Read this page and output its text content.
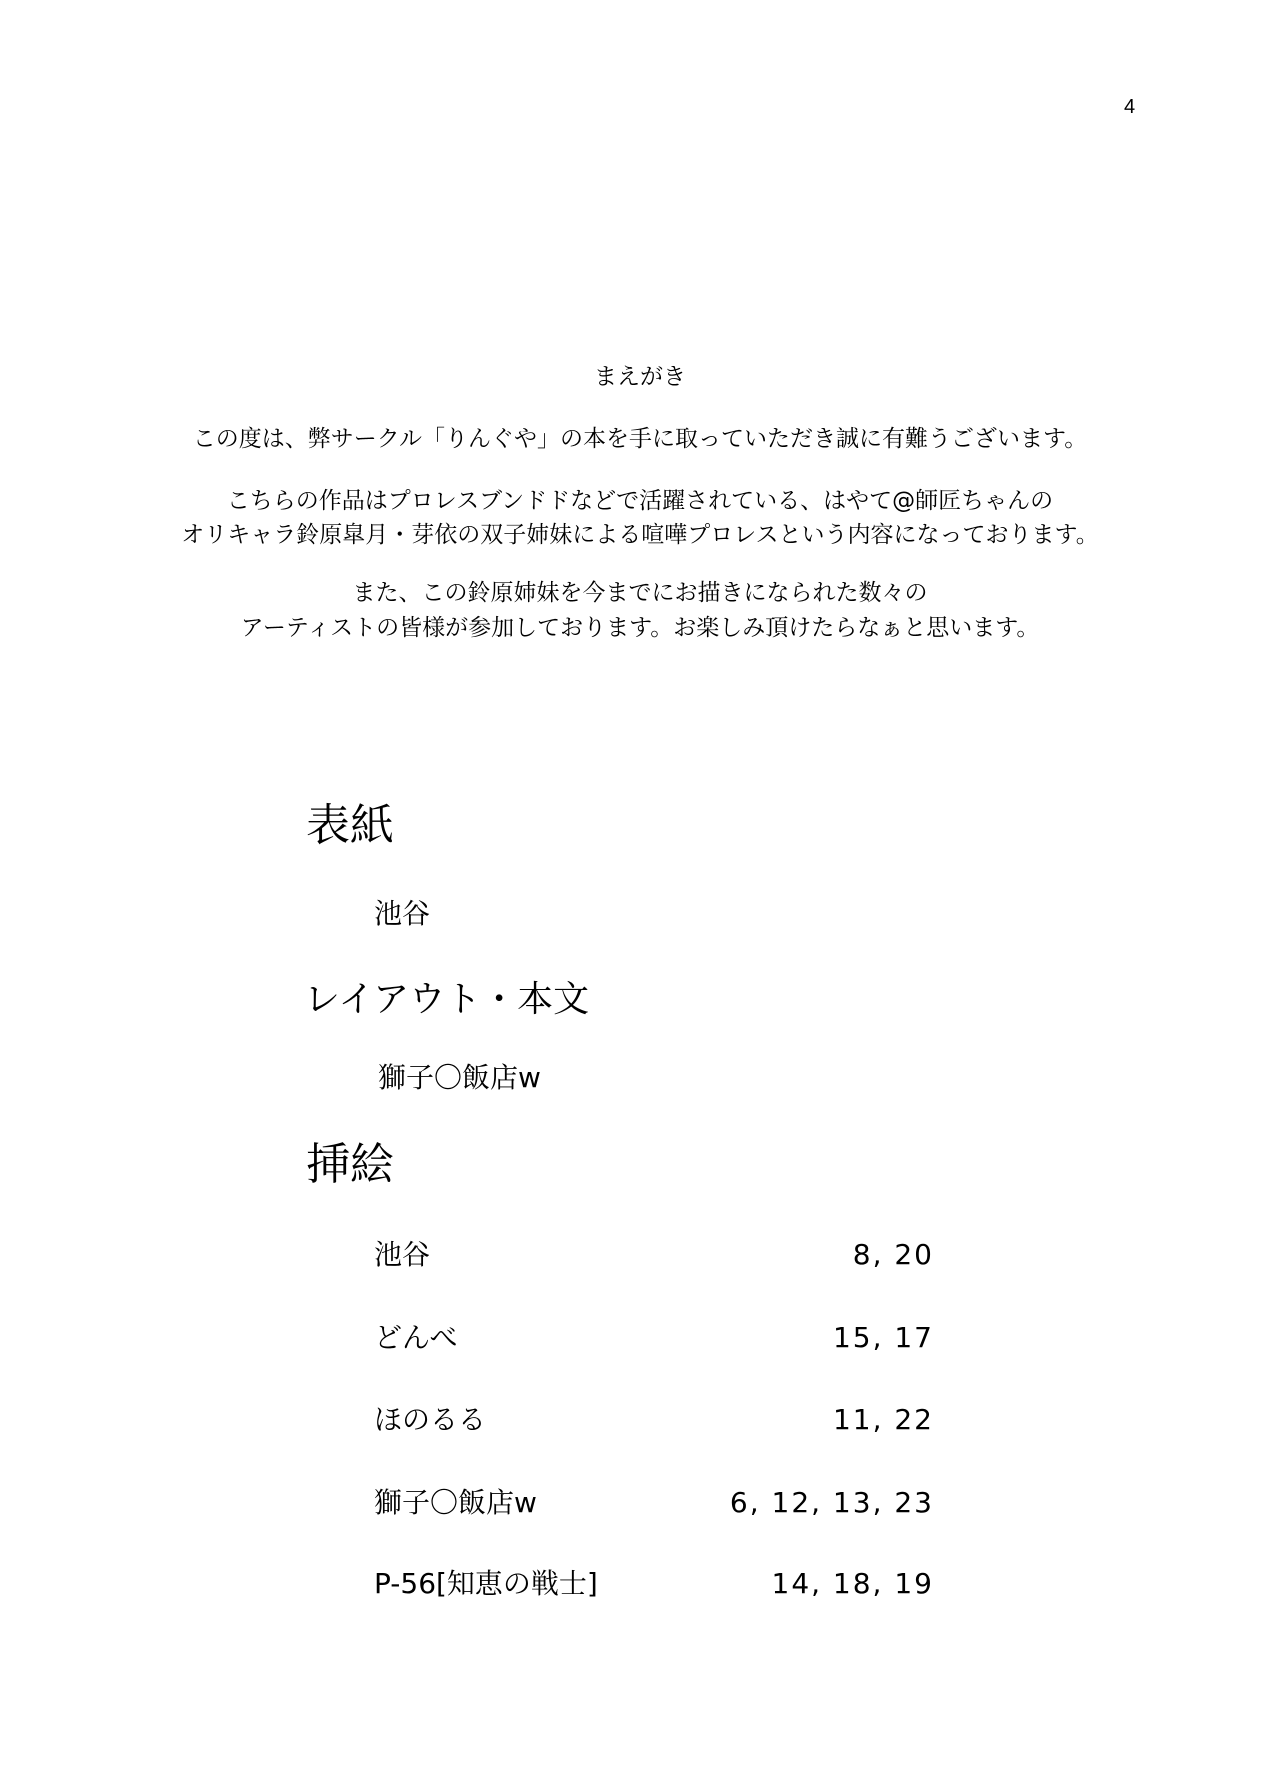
4
まえがき
この度は、弊サークル「りんぐや」の本を手に取っていただき誠に有難うございます。
こちらの作品はプロレスブンドドなどで活躍されている、はやて@師匠ちゃんの
オリキャラ鈴原皐月・芽依の双子姉妹による喧嘩プロレスという内容になっております。
また、この鈴原姉妹を今までにお描きになられた数々の
アーティストの皆様が参加しております。お楽しみ頂けたらなぁと思います。
表紙
池谷
レイアウト・本文
獅子〇飯店w
挿絵
池谷	8, 20
どんべ	15, 17
ほのるる	11, 22
獅子〇飯店w	6, 12, 13, 23
P-56[知恵の戦士]	14, 18, 19
